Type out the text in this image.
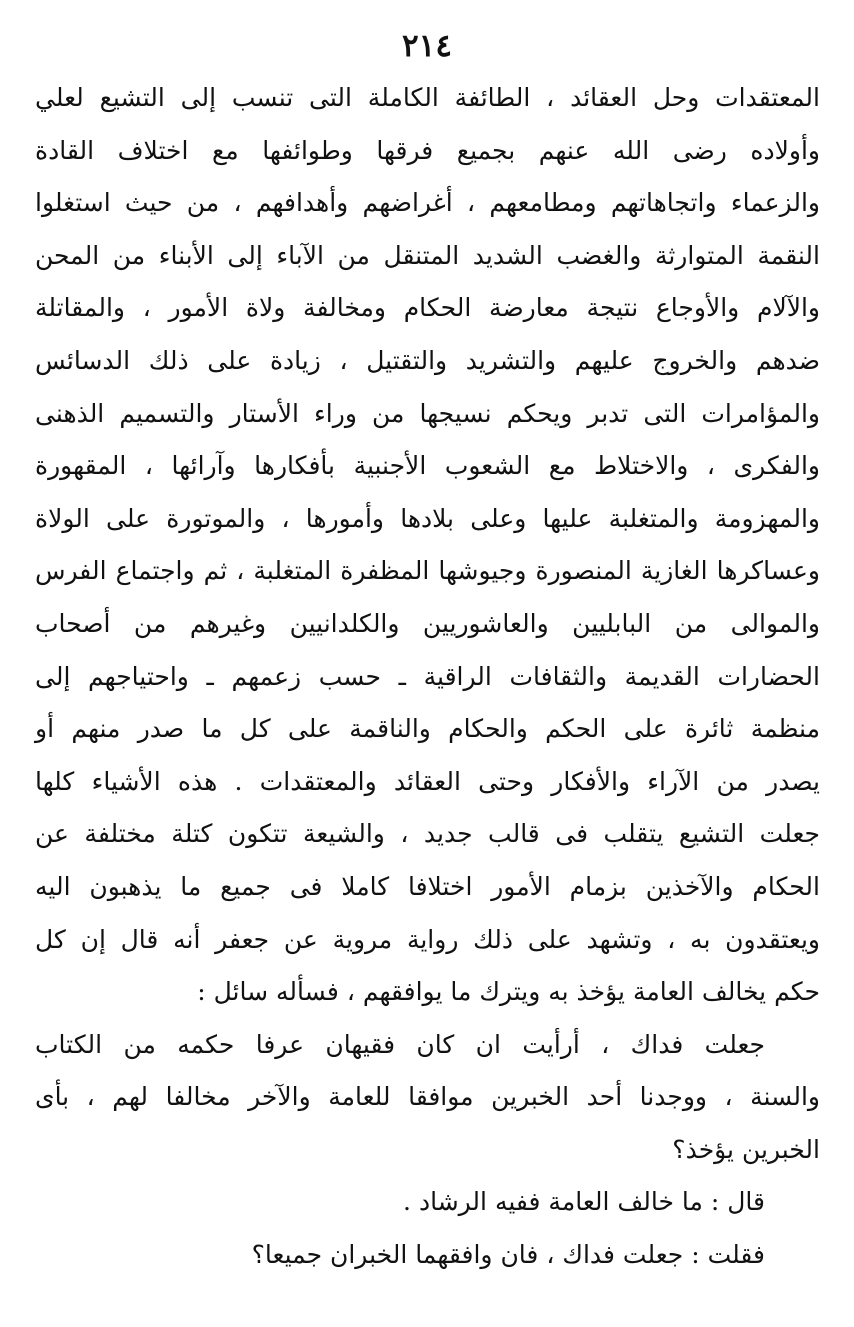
٢١٤
المعتقدات وحل العقائد ، الطائفة الكاملة التى تنسب إلى التشيع لعلي
وأولاده رضى الله عنهم بجميع فرقها وطوائفها مع اختلاف القادة
والزعماء واتجاهاتهم ومطامعهم ، أغراضهم وأهدافهم ، من حيث استغلوا
النقمة المتوارثة والغضب الشديد المتنقل من الآباء إلى الأبناء من المحن
والآلام والأوجاع نتيجة معارضة الحكام ومخالفة ولاة الأمور ، والمقاتلة
ضدهم والخروج عليهم والتشريد والتقتيل ، زيادة على ذلك الدسائس
والمؤامرات التى تدبر ويحكم نسيجها من وراء الأستار والتسميم الذهنى
والفكرى ، والاختلاط مع الشعوب الأجنبية بأفكارها وآرائها ، المقهورة
والمهزومة والمتغلبة عليها وعلى بلادها وأمورها ، والموتورة على الولاة
وعساكرها الغازية المنصورة وجيوشها المظفرة المتغلبة ، ثم واجتماع الفرس
والموالى من البابليين والعاشوريين والكلدانيين وغيرهم من أصحاب
الحضارات القديمة والثقافات الراقية ـ حسب زعمهم ـ واحتياجهم إلى
منظمة ثائرة على الحكم والحكام والناقمة على كل ما صدر منهم أو
يصدر من الآراء والأفكار وحتى العقائد والمعتقدات . هذه الأشياء كلها
جعلت التشيع يتقلب فى قالب جديد ، والشيعة تتكون كتلة مختلفة عن
الحكام والآخذين بزمام الأمور اختلافا كاملا فى جميع ما يذهبون اليه
ويعتقدون به ، وتشهد على ذلك رواية مروية عن جعفر أنه قال إن كل
حكم يخالف العامة يؤخذ به ويترك ما يوافقهم ، فسأله سائل :
جعلت فداك ، أرأيت ان كان فقيهان عرفا حكمه من الكتاب
والسنة ، ووجدنا أحد الخبرين موافقا للعامة والآخر مخالفا لهم ، بأى
الخبرين يؤخذ؟
قال : ما خالف العامة ففيه الرشاد .
فقلت : جعلت فداك ، فان وافقهما الخبران جميعا؟
